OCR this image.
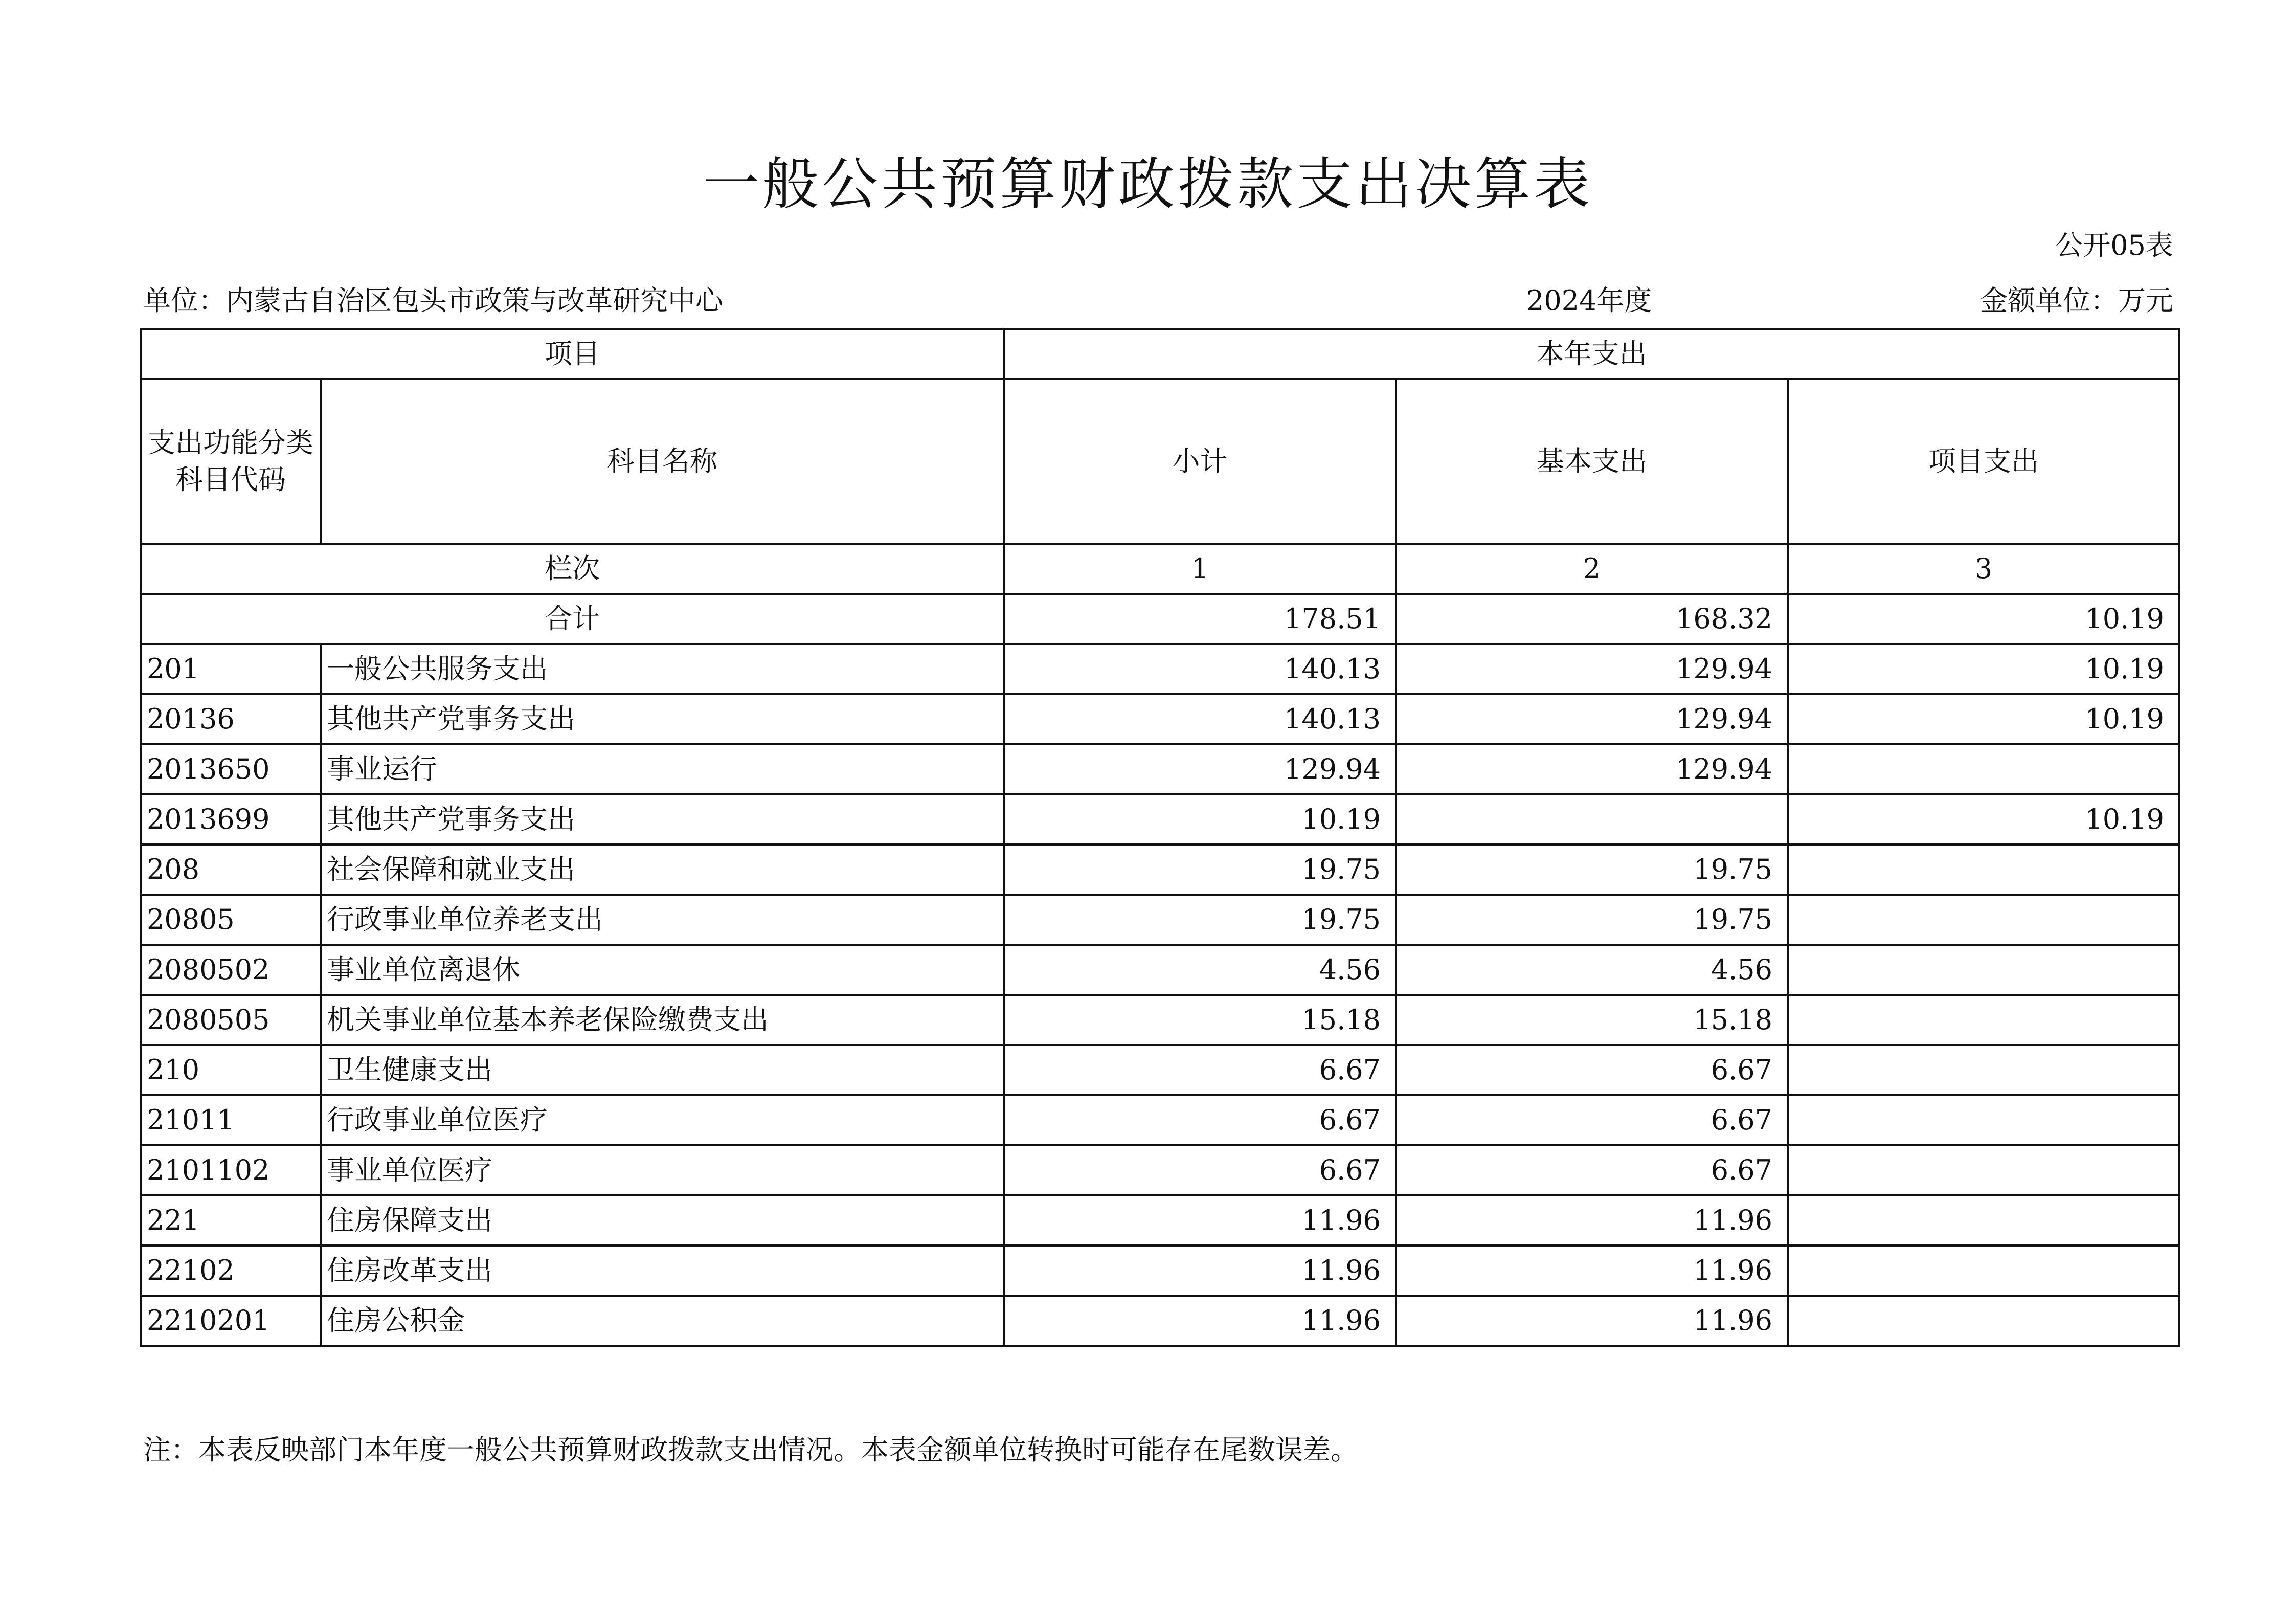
一般公共预算财政拨款支出决算表
公开05表
单位：内蒙古自治区包头市政策与改革研究中心	2024年度	金额单位：万元
项目		本年支出		
支出功能分类科目代码	科目名称	小计	基本支出	项目支出
栏次		1	2	3
合计		178.51	168.32	10.19
201	一般公共服务支出	140.13	129.94	10.19
20136	其他共产党事务支出	140.13	129.94	10.19
2013650	事业运行	129.94	129.94	
2013699	其他共产党事务支出	10.19		10.19
208	社会保障和就业支出	19.75	19.75	
20805	行政事业单位养老支出	19.75	19.75	
2080502	事业单位离退休	4.56	4.56	
2080505	机关事业单位基本养老保险缴费支出	15.18	15.18	
210	卫生健康支出	6.67	6.67	
21011	行政事业单位医疗	6.67	6.67	
2101102	事业单位医疗	6.67	6.67	
221	住房保障支出	11.96	11.96	
22102	住房改革支出	11.96	11.96	
2210201	住房公积金	11.96	11.96	
注：本表反映部门本年度一般公共预算财政拨款支出情况。本表金额单位转换时可能存在尾数误差。
